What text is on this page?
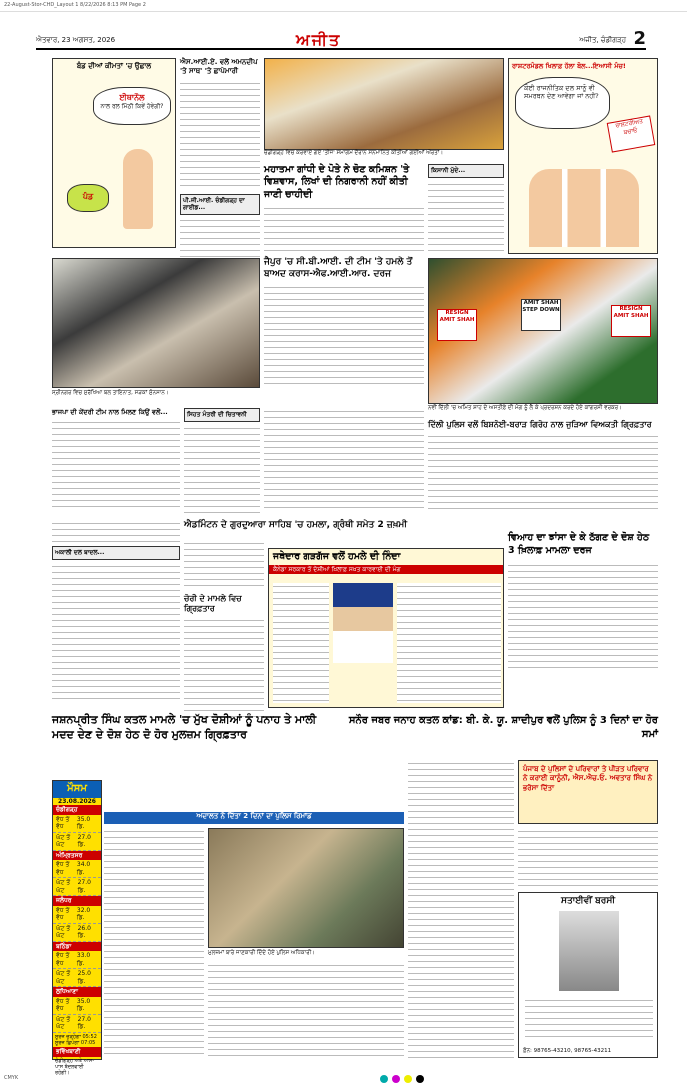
22-August-Stor-CHD_Layout 1 8/22/2026 8:13 PM Page 2
ਐਤਵਾਰ, 23 ਅਗਸਤ, 2026	ਅਜੀਤ	ਅਜੀਤ, ਚੰਡੀਗੜ੍ਹ 2
ਬੰਡ ਦੀਆਂ ਕੀਮਤਾਂ 'ਚ ਉਛਾਲ
ਈਥਾਨੌਲ
ਨਾਲ ਰਲ ਮਿੱਠੀ ਕਿਵੇਂ ਹੋਵੇਗੀ?
ਪੰਡ
ਐਸ.ਆਈ.ਏ. ਵਲੋਂ ਅਮਨਦੀਪ 'ਤੇ ਸਾਥ' 'ਤੇ ਛਾਪੇਮਾਰੀ
ਪੀ.ਜੀ.ਆਈ. ਚੰਡੀਗੜ੍ਹ ਦਾ ਗਾਈਡ...
ਚੰਡੀਗੜ੍ਹ ਵਿਚ ਕਰਵਾਏ ਗਏ 'ਤੀਜ' ਸਮਾਗਮ ਦੌਰਾਨ ਸਨਮਾਨਿਤ ਕੀਤੀਆਂ ਗਈਆਂ ਔਰਤਾਂ।
ਮਹਾਤਮਾ ਗਾਂਧੀ ਦੇ ਪੋਤੇ ਨੇ ਚੋਣ ਕਮਿਸ਼ਨ 'ਤੇ ਵਿਸ਼ਵਾਸ, ਲਿਖਾਂ ਦੀ ਨਿਗਰਾਨੀ ਨਹੀਂ ਕੀਤੀ ਜਾਣੀ ਚਾਹੀਦੀ
ਕਿਸਾਨੀ ਮੁੱਦੇ...
ਰਾਸ਼ਟਰਮੰਡਲ ਖਿਲਾਫ਼ ਹੱਲਾ ਬੋਲ...ਇਆਸੀ ਮੰਚ!
ਕੋਈ ਰਾਜਨੀਤਿਕ ਦਲ ਸਾਨੂੰ ਵੀ ਸਮਰਥਨ ਦੇਣ ਆਵੇਗਾ ਜਾਂ ਨਹੀਂ?
ਰਾਸ਼ਟਰੀਅਤ ਬਚਾਓ
ਜੈਪੁਰ 'ਚ ਸੀ.ਬੀ.ਆਈ. ਦੀ ਟੀਮ 'ਤੇ ਹਮਲੇ ਤੋਂ ਬਾਅਦ ਕਰਾਸ-ਐਫ.ਆਈ.ਆਰ. ਦਰਜ
ਸ੍ਰੀਨਗਰ ਵਿਚ ਸੁਰੱਖਿਆ ਬਲ ਤਾਇਨਾਤ, ਸੜਕਾਂ ਸੁੰਨਸਾਨ।
RESIGN AMIT SHAH
AMIT SHAH STEP DOWN	RESIGN AMIT SHAH
ਨਵੀਂ ਦਿੱਲੀ 'ਚ ਅਮਿਤ ਸ਼ਾਹ ਦੇ ਅਸਤੀਫ਼ੇ ਦੀ ਮੰਗ ਨੂੰ ਲੈ ਕੇ ਪ੍ਰਦਰਸ਼ਨ ਕਰਦੇ ਹੋਏ ਕਾਂਗਰਸੀ ਵਰਕਰ।
ਭਾਜਪਾ ਦੀ ਕੇਂਦਰੀ ਟੀਮ ਨਾਲ ਮਿਲਣ ਕਿਉਂ ਵਲੋਂ...	ਸਿਹਤ ਮੰਤਰੀ ਦੀ ਚਿਤਾਵਨੀ
ਦਿੱਲੀ ਪੁਲਿਸ ਵਲੋਂ ਬਿਸ਼ਨੋਈ-ਬਰਾੜ ਗਿਰੋਹ ਨਾਲ ਜੁੜਿਆ ਵਿਅਕਤੀ ਗ੍ਰਿਫ਼ਤਾਰ
ਐਡਮਿੰਟਨ ਦੇ ਗੁਰਦੁਆਰਾ ਸਾਹਿਬ 'ਚ ਹਮਲਾ, ਗ੍ਰੰਥੀ ਸਮੇਤ 2 ਜ਼ਖ਼ਮੀ
ਅਕਾਲੀ ਦਲ ਬਾਦਲ...
ਚੋਰੀ ਦੇ ਮਾਮਲੇ ਵਿਚ ਗ੍ਰਿਫ਼ਤਾਰ
ਜਥੇਦਾਰ ਗੜਗੱਜ ਵਲੋਂ ਹਮਲੇ ਦੀ ਨਿੰਦਾ
ਕੈਨੇਡਾ ਸਰਕਾਰ ਤੋਂ ਦੋਸ਼ੀਆਂ ਖ਼ਿਲਾਫ਼ ਸਖ਼ਤ ਕਾਰਵਾਈ ਦੀ ਮੰਗ
ਵਿਆਹ ਦਾ ਝਾਂਸਾ ਦੇ ਕੇ ਠੱਗਣ ਦੇ ਦੋਸ਼ ਹੇਠ 3 ਖ਼ਿਲਾਫ਼ ਮਾਮਲਾ ਦਰਜ
ਜਸ਼ਨਪ੍ਰੀਤ ਸਿੰਘ ਕਤਲ ਮਾਮਲੇ 'ਚ ਮੁੱਖ ਦੋਸ਼ੀਆਂ ਨੂੰ ਪਨਾਹ ਤੇ ਮਾਲੀ ਮਦਦ ਦੇਣ ਦੇ ਦੋਸ਼ ਹੇਠ ਦੋ ਹੋਰ ਮੁਲਜ਼ਮ ਗ੍ਰਿਫ਼ਤਾਰ
ਅਦਾਲਤ ਨੇ ਦਿੱਤਾ 2 ਦਿਨਾਂ ਦਾ ਪੁਲਿਸ ਰਿਮਾਂਡ
ਮੁਲਜ਼ਮਾਂ ਬਾਰੇ ਜਾਣਕਾਰੀ ਦਿੰਦੇ ਹੋਏ ਪੁਲਿਸ ਅਧਿਕਾਰੀ।
ਸਨੌਰ ਜਬਰ ਜਨਾਹ ਕਤਲ ਕਾਂਡ: ਬੀ. ਕੇ. ਯੂ. ਸ਼ਾਦੀਪੁਰ ਵਲੋਂ ਪੁਲਿਸ ਨੂੰ 3 ਦਿਨਾਂ ਦਾ ਹੋਰ ਸਮਾਂ
ਪੰਜਾਬ ਦੇ ਪੁਲਿਸਾਂ ਦੇ ਪਰਿਵਾਰਾਂ ਤੇ ਪੀੜਤ ਪਰਿਵਾਰ ਨੇ ਕਰਾਈ ਕਾਨੂੰਨੀ, ਐਸ.ਐਚ.ਓ. ਅਵਤਾਰ ਸਿੰਘ ਨੇ ਭਰੋਸਾ ਦਿੱਤਾ
ਸਤਾਈਵੀਂ ਬਰਸੀ
ਫ਼ੋਨ: 98765-43210, 98765-43211
ਮੌਸਮ
23.08.2026
ਚੰਡੀਗੜ੍ਹ
ਵੱਧ ਤੋਂ ਵੱਧ
35.0 ਡਿ.
ਘੱਟ ਤੋਂ ਘੱਟ
27.0 ਡਿ.
ਅੰਮ੍ਰਿਤਸਰ
ਵੱਧ ਤੋਂ ਵੱਧ
34.0 ਡਿ.
ਘੱਟ ਤੋਂ ਘੱਟ
27.0 ਡਿ.
ਜਲੰਧਰ
ਵੱਧ ਤੋਂ ਵੱਧ
32.0 ਡਿ.
ਘੱਟ ਤੋਂ ਘੱਟ
26.0 ਡਿ.
ਬਠਿੰਡਾ
ਵੱਧ ਤੋਂ ਵੱਧ
33.0 ਡਿ.
ਘੱਟ ਤੋਂ ਘੱਟ
25.0 ਡਿ.
ਲੁਧਿਆਣਾ
ਵੱਧ ਤੋਂ ਵੱਧ
35.0 ਡਿ.
ਘੱਟ ਤੋਂ ਘੱਟ
27.0 ਡਿ.
ਸੂਰਜ ਚੜ੍ਹੇਗਾ 05:52 ਸੂਰਜ ਛਿਪੇਗਾ 07:05
ਭਵਿੱਖਬਾਣੀ
ਚੰਡੀਗੜ੍ਹ ਅਤੇ ਆਸ-ਪਾਸ ਬੱਦਲਵਾਈ ਰਹੇਗੀ।
CMYK
